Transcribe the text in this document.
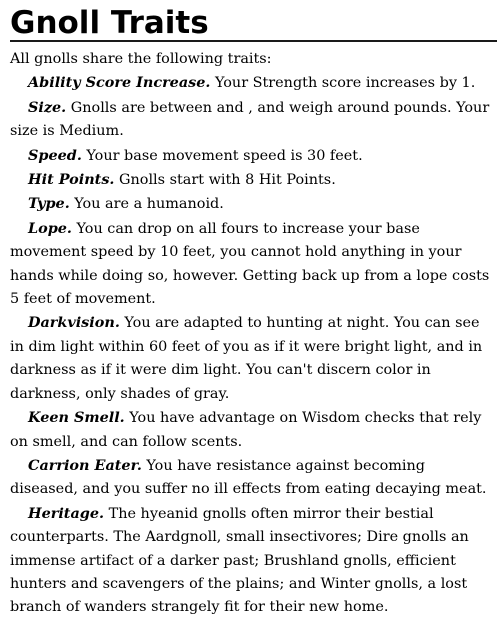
Gnoll Traits

All gnolls share the following traits:

Ability Score Increase. Your Strength score increases by 1.

Size. Gnolls are between and , and weigh around pounds. Your size is Medium.

Speed. Your base movement speed is 30 feet.

Hit Points. Gnolls start with 8 Hit Points.

Type. You are a humanoid.

Lope. You can drop on all fours to increase your base movement speed by 10 feet, you cannot hold anything in your hands while doing so, however. Getting back up from a lope costs 5 feet of movement.

Darkvision. You are adapted to hunting at night. You can see in dim light within 60 feet of you as if it were bright light, and in darkness as if it were dim light. You can't discern color in darkness, only shades of gray.

Keen Smell. You have advantage on Wisdom checks that rely on smell, and can follow scents.

Carrion Eater. You have resistance against becoming diseased, and you suffer no ill effects from eating decaying meat.

Heritage. The hyeanid gnolls often mirror their bestial counterparts. The Aardgnoll, small insectivores; Dire gnolls an immense artifact of a darker past; Brushland gnolls, efficient hunters and scavengers of the plains; and Winter gnolls, a lost branch of wanders strangely fit for their new home.
